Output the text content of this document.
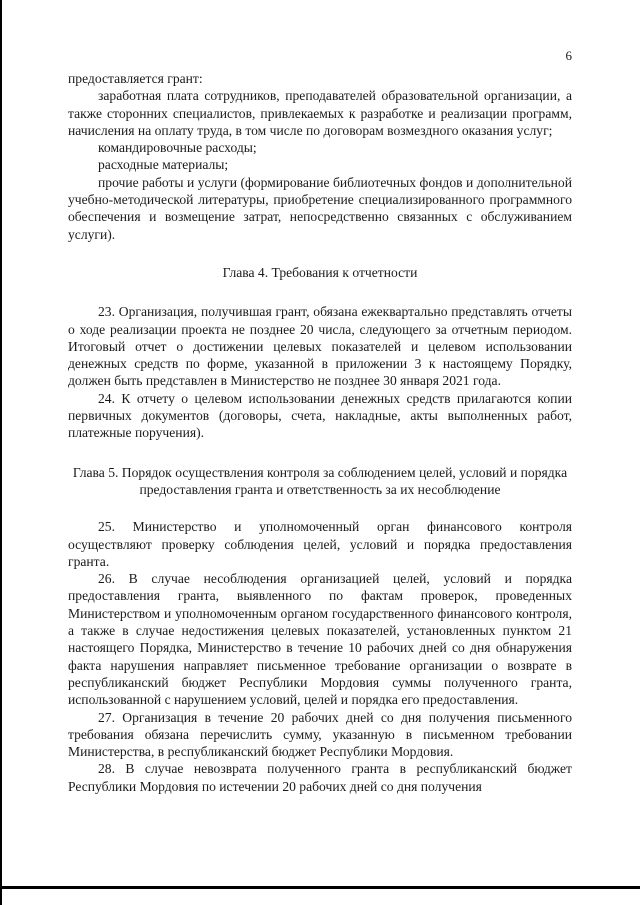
6

предоставляется грант:

заработная плата сотрудников, преподавателей образовательной организации, а также сторонних специалистов, привлекаемых к разработке и реализации программ, начисления на оплату труда, в том числе по договорам возмездного оказания услуг;

командировочные расходы;

расходные материалы;

прочие работы и услуги (формирование библиотечных фондов и дополнительной учебно-методической литературы, приобретение специализированного программного обеспечения и возмещение затрат, непосредственно связанных с обслуживанием услуги).

Глава 4. Требования к отчетности

23. Организация, получившая грант, обязана ежеквартально представлять отчеты о ходе реализации проекта не позднее 20 числа, следующего за отчетным периодом. Итоговый отчет о достижении целевых показателей и целевом использовании денежных средств по форме, указанной в приложении 3 к настоящему Порядку, должен быть представлен в Министерство не позднее 30 января 2021 года.

24. К отчету о целевом использовании денежных средств прилагаются копии первичных документов (договоры, счета, накладные, акты выполненных работ, платежные поручения).

Глава 5. Порядок осуществления контроля за соблюдением целей, условий и порядка предоставления гранта и ответственность за их несоблюдение

25. Министерство и уполномоченный орган финансового контроля осуществляют проверку соблюдения целей, условий и порядка предоставления гранта.

26. В случае несоблюдения организацией целей, условий и порядка предоставления гранта, выявленного по фактам проверок, проведенных Министерством и уполномоченным органом государственного финансового контроля, а также в случае недостижения целевых показателей, установленных пунктом 21 настоящего Порядка, Министерство в течение 10 рабочих дней со дня обнаружения факта нарушения направляет письменное требование организации о возврате в республиканский бюджет Республики Мордовия суммы полученного гранта, использованной с нарушением условий, целей и порядка его предоставления.

27. Организация в течение 20 рабочих дней со дня получения письменного требования обязана перечислить сумму, указанную в письменном требовании Министерства, в республиканский бюджет Республики Мордовия.

28. В случае невозврата полученного гранта в республиканский бюджет Республики Мордовия по истечении 20 рабочих дней со дня получения
